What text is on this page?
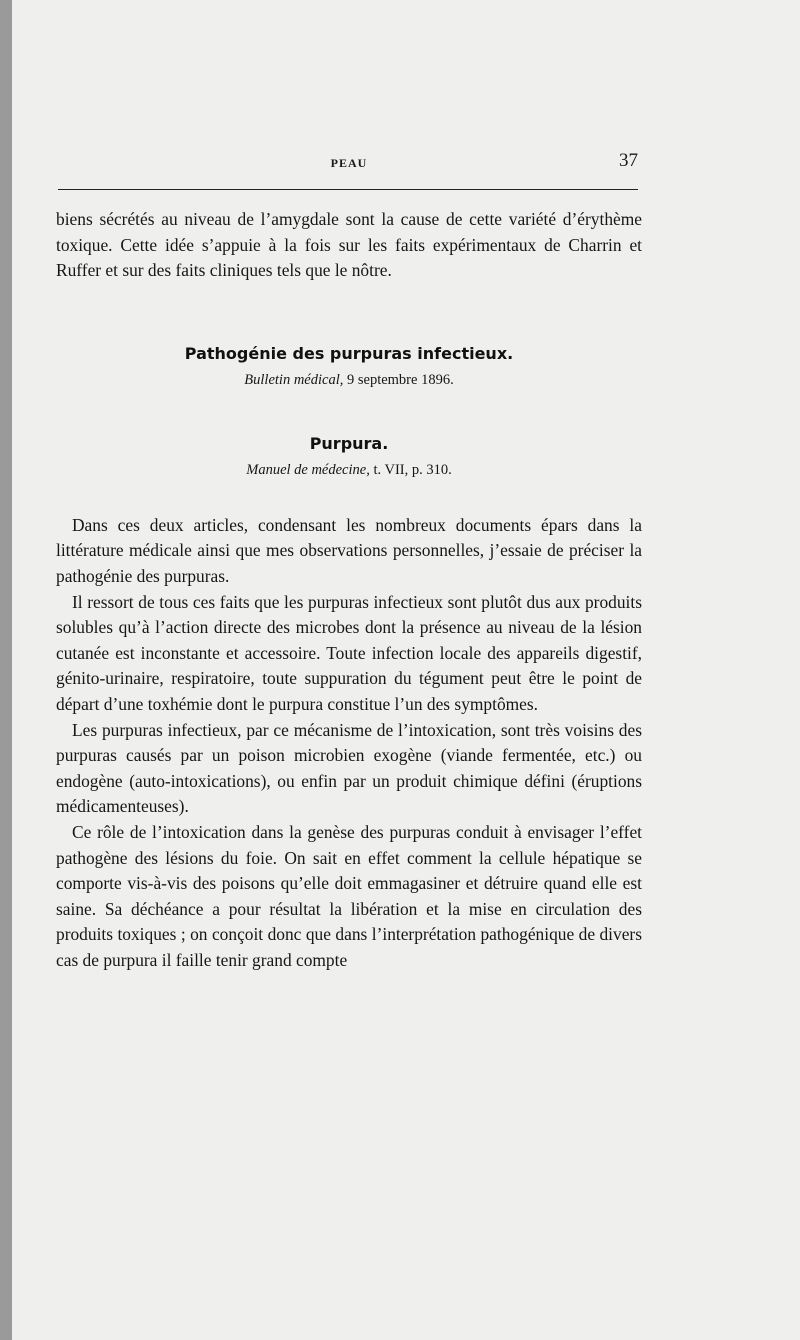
PEAU	37

biens sécrétés au niveau de l’amygdale sont la cause de cette variété d’érythème toxique. Cette idée s’appuie à la fois sur les faits expérimentaux de Charrin et Ruffer et sur des faits cliniques tels que le nôtre.

Pathogénie des purpuras infectieux.

Bulletin médical, 9 septembre 1896.

Purpura.

Manuel de médecine, t. VII, p. 310.

Dans ces deux articles, condensant les nombreux documents épars dans la littérature médicale ainsi que mes observations personnelles, j’essaie de préciser la pathogénie des purpuras.

Il ressort de tous ces faits que les purpuras infectieux sont plutôt dus aux produits solubles qu’à l’action directe des microbes dont la présence au niveau de la lésion cutanée est inconstante et accessoire. Toute infection locale des appareils digestif, génito-urinaire, respiratoire, toute suppuration du tégument peut être le point de départ d’une toxhémie dont le purpura constitue l’un des symptômes.

Les purpuras infectieux, par ce mécanisme de l’intoxication, sont très voisins des purpuras causés par un poison microbien exogène (viande fermentée, etc.) ou endogène (auto-intoxications), ou enfin par un produit chimique défini (éruptions médicamenteuses).

Ce rôle de l’intoxication dans la genèse des purpuras conduit à envisager l’effet pathogène des lésions du foie. On sait en effet comment la cellule hépatique se comporte vis-à-vis des poisons qu’elle doit emmagasiner et détruire quand elle est saine. Sa déchéance a pour résultat la libération et la mise en circulation des produits toxiques ; on conçoit donc que dans l’interprétation pathogénique de divers cas de purpura il faille tenir grand compte
